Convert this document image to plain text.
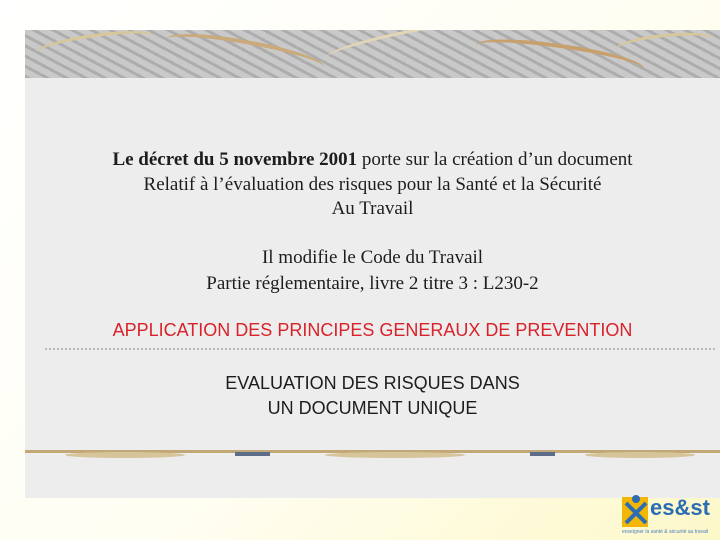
Le décret du 5 novembre 2001 porte sur la création d’un document
Relatif à l’évaluation des risques pour la Santé et la Sécurité
Au Travail
Il modifie le Code du Travail
Partie réglementaire, livre 2 titre 3 : L230-2
APPLICATION DES PRINCIPES GENERAUX DE PREVENTION
EVALUATION DES RISQUES DANS
UN DOCUMENT UNIQUE
es&st
enseigner la santé & sécurité au travail
